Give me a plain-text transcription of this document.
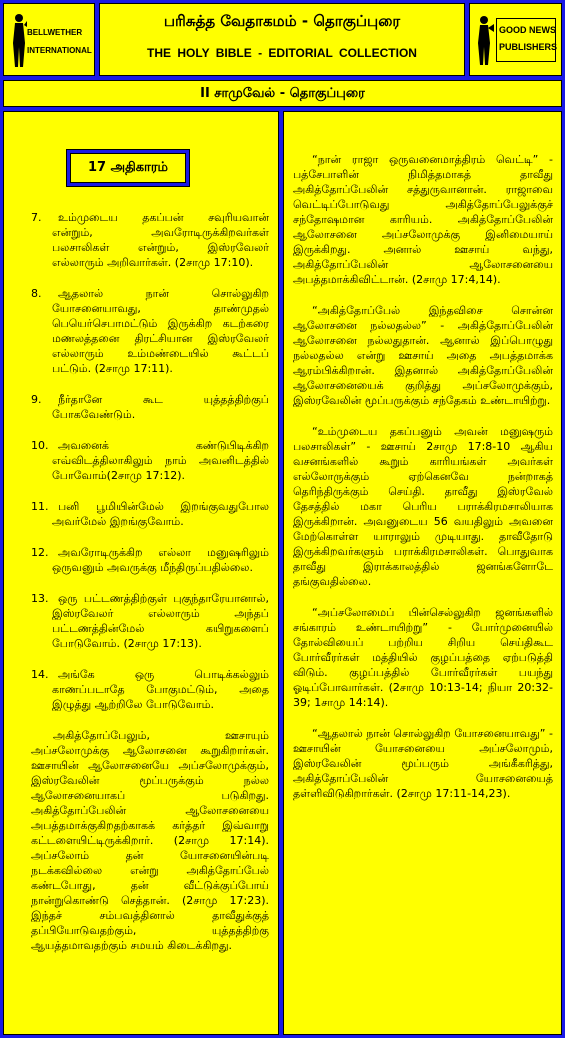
BELLWETHER
INTERNATIONAL
பரிசுத்த வேதாகமம் - தொகுப்புரை
THE HOLY BIBLE - EDITORIAL COLLECTION
GOOD NEWS
PUBLISHERS
II சாமுவேல் - தொகுப்புரை
17 அதிகாரம்

7. உம்முடைய தகப்பன் சவுரியவான் என்றும், அவரோடிருக்கிறவர்கள் பலசாலிகள் என்றும், இஸ்ரவேலர் எல்லாரும் அறிவார்கள். (2சாமு 17:10).

8. ஆதலால் நான் சொல்லுகிற யோசனையாவது, தாண்முதல் பெயெர்செபாமட்டும் இருக்கிற கடற்கரை மணலத்தனை திரட்சியான இஸ்ரவேலர் எல்லாரும் உம்மண்டையில் கூட்டப் பட்டும். (2சாமு 17:11).

9. நீர்தானே கூட யுத்தத்திற்குப் போகவேண்டும்.

10. அவனைக் கண்டுபிடிக்கிற எவ்விடத்திலாகிலும் நாம் அவனிடத்தில் போவோம்(2சாமு 17:12).

11. பனி பூமியின்மேல் இறங்குவதுபோல அவர்மேல் இறங்குவோம்.

12. அவரோடிருக்கிற எல்லா மனுஷரிலும் ஒருவனும் அவருக்கு மீந்திருப்பதில்லை.

13. ஒரு பட்டணத்திற்குள் புகுந்தாரேயானால், இஸ்ரவேலர் எல்லாரும் அந்தப் பட்டணத்தின்மேல் கயிறுகளைப் போடுவோம். (2சாமு 17:13).

14. அங்கே ஒரு பொடிக்கல்லும் காணப்படாதே போகுமட்டும், அதை இழுத்து ஆற்றிலே போடுவோம்.

அகித்தோப்பேலும், ஊசாயும் அப்சலோமுக்கு ஆலோசனை கூறுகிறார்கள். ஊசாயின் ஆலோசனையே அப்சலோமுக்கும், இஸ்ரவேலின் மூப்பருக்கும் நல்ல ஆலோசனையாகப் படுகிறது. அகித்தோப்பேலின் ஆலோசனையை அபத்தமாக்குகிறதற்காகக் கர்த்தர் இவ்வாறு கட்டளையிட்டிருக்கிறார். (2சாமு 17:14). அப்சலோம் தன் யோசனையின்படி நடக்கவில்லை என்று அகித்தோப்பேல் கண்டபோது, தன் வீட்டுக்குப்போய் நான்றுகொண்டு செத்தான். (2சாமு 17:23). இந்தச் சம்பவத்தினால் தாவீதுக்குத் தப்பியோடுவதற்கும், யுத்தத்திற்கு ஆயத்தமாவதற்கும் சமயம் கிடைக்கிறது.

“நான் ராஜா ஒருவனைமாத்திரம் வெட்டி” - பத்சேபாளின் நிமித்தமாகத் தாவீது அகித்தோப்பேலின் சத்துருவானான். ராஜாவை வெட்டிப்போடுவது அகித்தோப்பேலுக்குச் சந்தோஷமான காரியம். அகித்தோப்பேலின் ஆலோசனை அப்சலோமுக்கு இனிமையாய் இருக்கிறது. அனால் ஊசாய் வந்து, அகித்தோப்பேலின் ஆலோசனையை அபத்தமாக்கிவிட்டான். (2சாமு 17:4,14).

“அகித்தோப்பேல் இந்தவிசை சொன்ன ஆலோசனை நல்லதல்ல” - அகித்தோப்பேலின் ஆலோசனை நல்லதுதான். ஆனால் இப்பொழுது நல்லதல்ல என்று ஊசாய் அதை அபத்தமாக்க ஆரம்பிக்கிறான். இதனால் அகித்தோப்பேலின் ஆலோசனையைக் குறித்து அப்சலோமுக்கும், இஸ்ரவேலின் மூப்பருக்கும் சந்தேகம் உண்டாயிற்று.

“உம்முடைய தகப்பனும் அவன் மனுஷரும் பலசாலிகள்” - ஊசாய் 2சாமு 17:8-10 ஆகிய வசனங்களில் கூறும் காரியங்கள் அவர்கள் எல்லோருக்கும் ஏற்கெனவே நன்றாகத் தெரிந்திருக்கும் செய்தி. தாவீது இஸ்ரவேல் தேசத்தில் மகா பெரிய பராக்கிரமசாலியாக இருக்கிறான். அவனுடைய 56 வயதிலும் அவனை மேற்கொள்ள யாராலும் முடியாது. தாவீதோடு இருக்கிறவர்களும் பராக்கிரமசாலிகள். பொதுவாக தாவீது இராக்காலத்தில் ஜனங்களோடே தங்குவதில்லை.

“அப்சலோமைப் பின்செல்லுகிற ஜனங்களில் சங்காரம் உண்டாயிற்று” - போர்முனையில் தோல்வியைப் பற்றிய சிறிய செய்திகூட போர்வீரர்கள் மத்தியில் குழப்பத்தை ஏற்படுத்தி விடும். குழப்பத்தில் போர்வீரர்கள் பயந்து ஓடிப்போவார்கள். (2சாமு 10:13-14; நியா 20:32-39; 1சாமு 14:14).

“ஆதலால் நான் சொல்லுகிற யோசனையாவது” - ஊசாயின் யோசனையை அப்சலோமும், இஸ்ரவேலின் மூப்பரும் அங்கீகரித்து, அகித்தோப்பேலின் யோசனையைத் தள்ளிவிடுகிறார்கள். (2சாமு 17:11-14,23).
